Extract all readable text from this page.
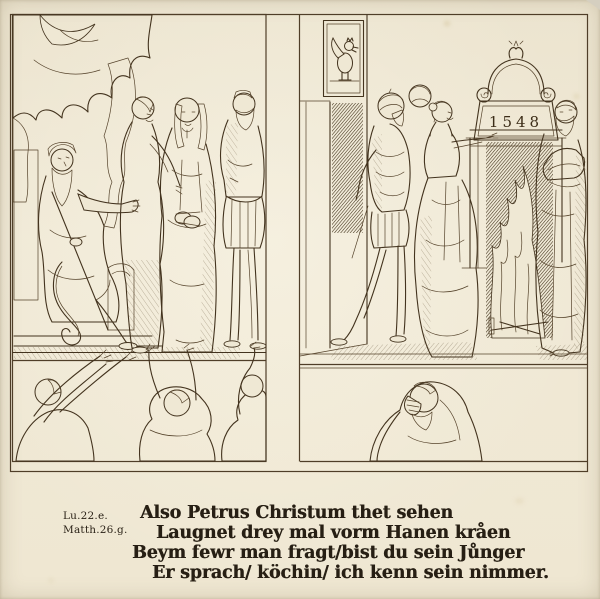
1548
Lu.22.e.
Matth.26.g.
Also Petrus Christum thet sehen
Laugnet drey mal vorm Hanen kråen
Beym fewr man fragt/bist du sein Jůnger
Er sprach/ köchin/ ich kenn sein nimmer.
